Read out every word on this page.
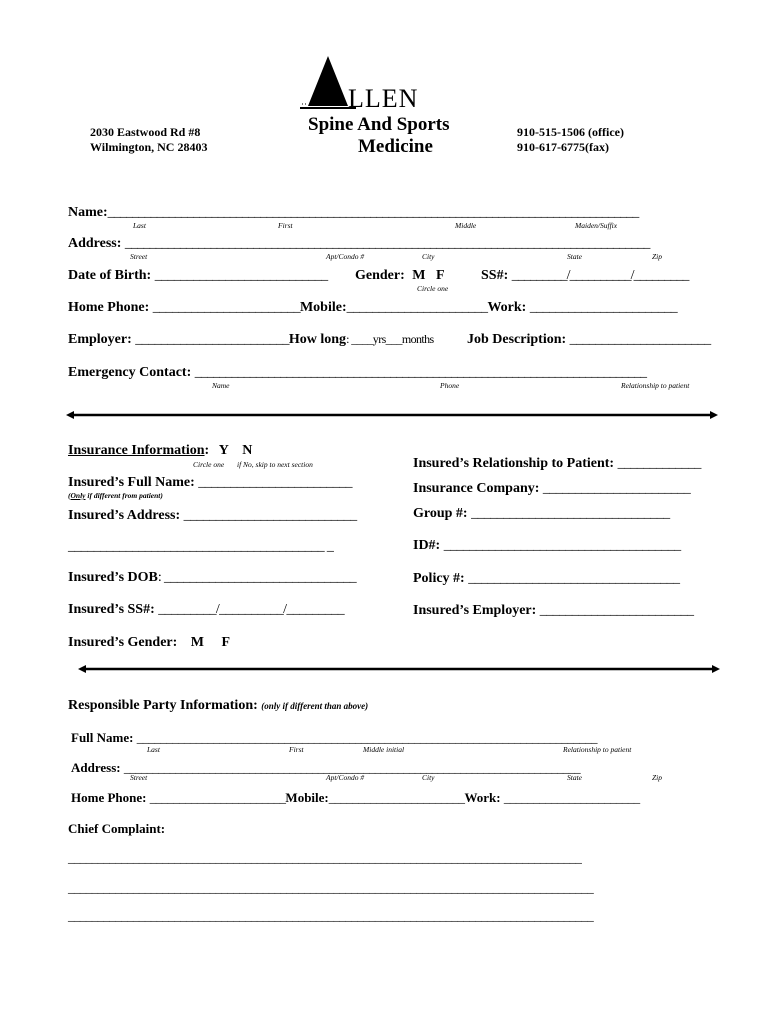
LLEN
Spine And Sports
Medicine
2030 Eastwood Rd #8
Wilmington, NC 28403
910-515-1506 (office)
910-617-6775(fax)
Name:_______________________________________________________________________________________
Last	First	Middle	Maiden/Suffix
Address: ______________________________________________________________________________________
Street	Apt/Condo #	City	State	Zip
Date of Birth: ___________________________ Gender: M   F
Circle one
SS#: _________/__________/_________
Home Phone: _______________________Mobile:______________________Work: _______________________
Employer: ________________________How long: ____yrs___months Job Description: ______________________
Emergency Contact: __________________________________________________________________________
Name	Phone	Relationship to patient
Insurance Information: Y    N
Circle one if No, skip to next section
Insured’s Full Name: ________________________
(Only if different from patient)
Insured’s Address: ___________________________
________________________________________ _
Insured’s DOB: ______________________________
Insured’s SS#: _________/__________/_________
Insured’s Gender: M     F
Insured’s Relationship to Patient: _____________
Insurance Company: _______________________
Group #: _______________________________
ID#: _____________________________________
Policy #: _________________________________
Insured’s Employer: ________________________
Responsible Party Information: (only if different than above)
Full Name: ______________________________________________________________________________
Last	First	Middle initial	Relationship to patient
Address: ________________________________________________________________________________
Street	Apt/Condo #	City	State	Zip
Home Phone: _______________________Mobile:_______________________Work: _______________________
Chief Complaint:
_______________________________________________________________________________________
_________________________________________________________________________________________
_________________________________________________________________________________________
